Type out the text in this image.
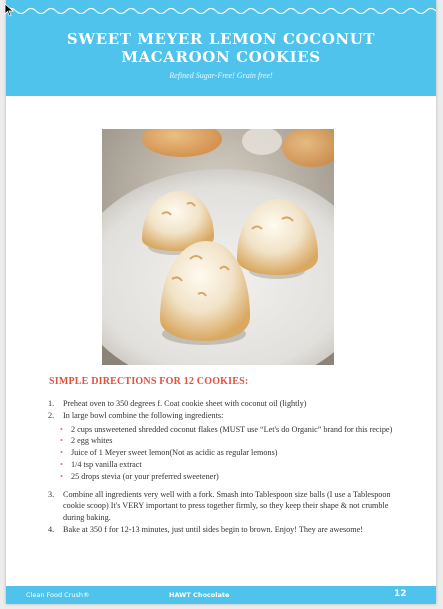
SWEET MEYER LEMON COCONUT
MACAROON COOKIES
Refined Sugar-Free! Grain free!
SIMPLE DIRECTIONS FOR 12 COOKIES:
1. Preheat oven to 350 degrees f. Coat cookie sheet with coconut oil (lightly)
2. In large bowl combine the following ingredients:
• 2 cups unsweetened shredded coconut flakes (MUST use “Let's do Organic” brand for this recipe)
• 2 egg whites
• Juice of 1 Meyer sweet lemon(Not as acidic as regular lemons)
• 1/4 tsp vanilla extract
• 25 drops stevia (or your preferred sweetener)
3. Combine all ingredients very well with a fork. Smash into Tablespoon size balls (I use a Tablespoon cookie scoop) It's VERY important to press together firmly, so they keep their shape & not crumble during baking.
4. Bake at 350 f for 12-13 minutes, just until sides begin to brown. Enjoy! They are awesome!
Clean Food Crush®	HAWT Chocolate	12
